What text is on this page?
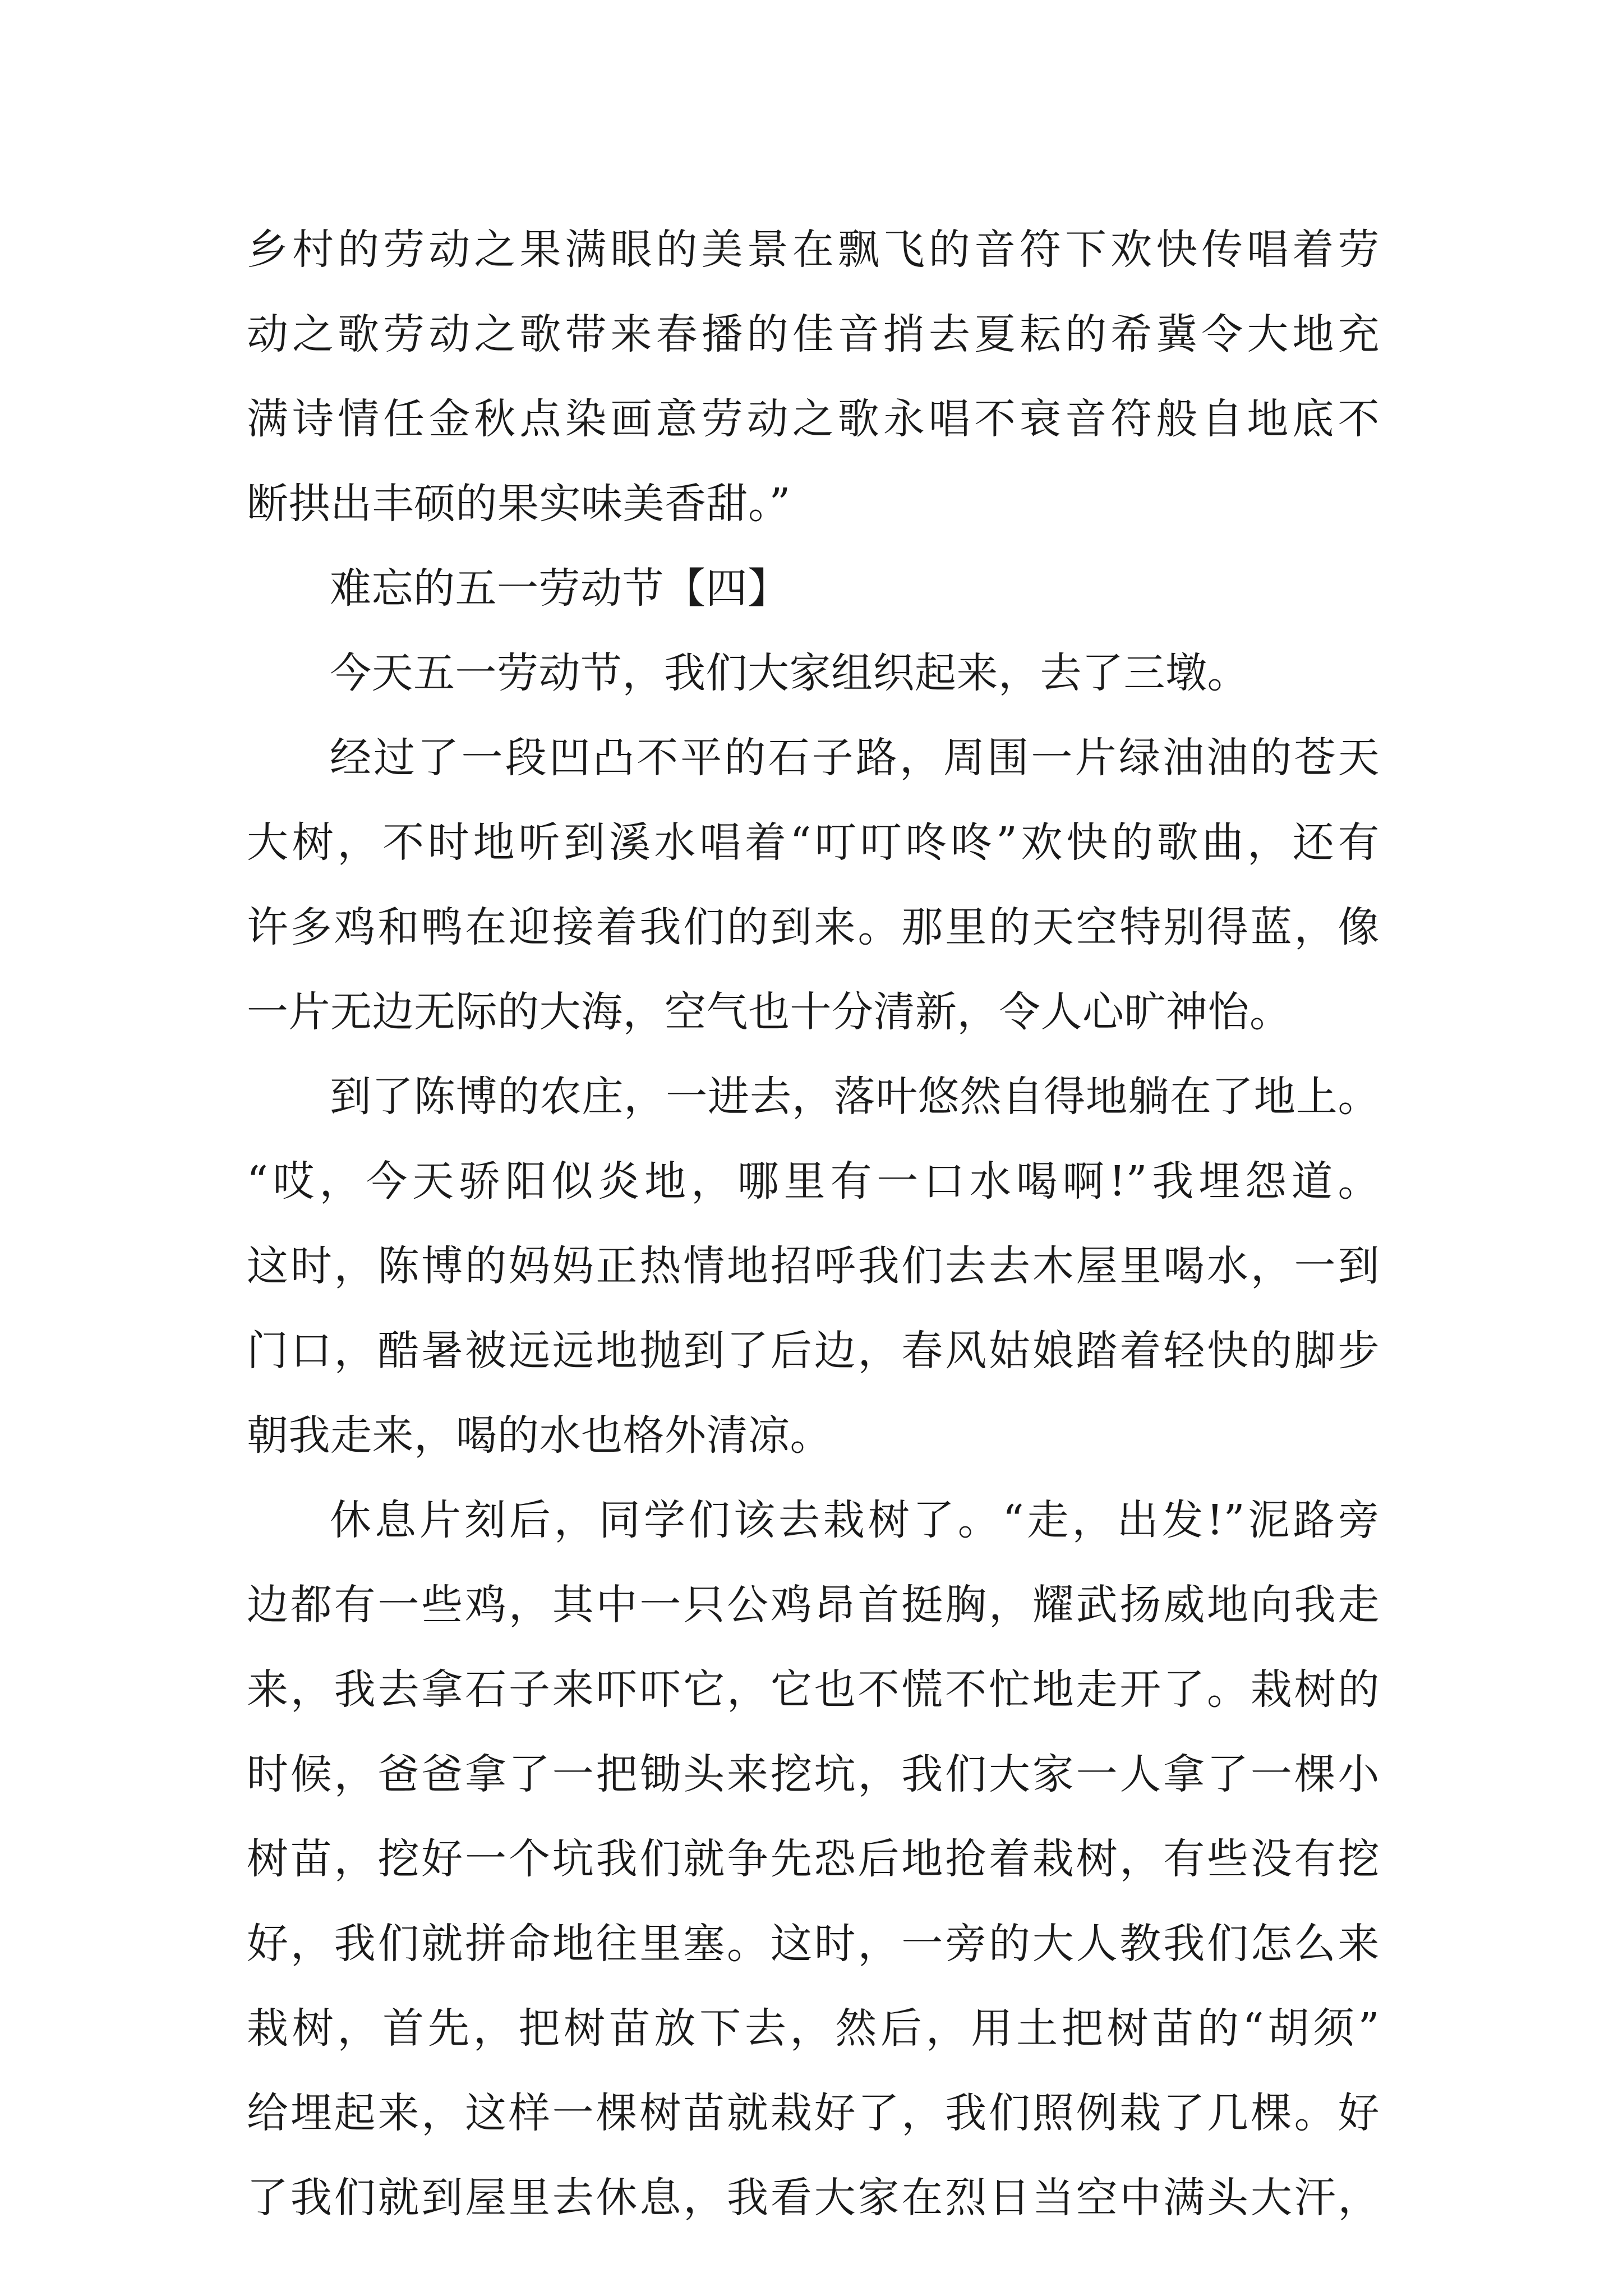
乡村的劳动之果满眼的美景在飘飞的音符下欢快传唱着劳
动之歌劳动之歌带来春播的佳音捎去夏耘的希冀令大地充
满诗情任金秋点染画意劳动之歌永唱不衰音符般自地底不
断拱出丰硕的果实味美香甜。”
难忘的五一劳动节【四】
今天五一劳动节，我们大家组织起来，去了三墩。
经过了一段凹凸不平的石子路，周围一片绿油油的苍天
大树，不时地听到溪水唱着“叮叮咚咚”欢快的歌曲，还有
许多鸡和鸭在迎接着我们的到来。那里的天空特别得蓝，像
一片无边无际的大海，空气也十分清新，令人心旷神怡。
到了陈博的农庄，一进去，落叶悠然自得地躺在了地上。
“哎，今天骄阳似炎地，哪里有一口水喝啊!”我埋怨道。
这时，陈博的妈妈正热情地招呼我们去去木屋里喝水，一到
门口，酷暑被远远地抛到了后边，春风姑娘踏着轻快的脚步
朝我走来，喝的水也格外清凉。
休息片刻后，同学们该去栽树了。“走，出发!”泥路旁
边都有一些鸡，其中一只公鸡昂首挺胸，耀武扬威地向我走
来，我去拿石子来吓吓它，它也不慌不忙地走开了。栽树的
时候，爸爸拿了一把锄头来挖坑，我们大家一人拿了一棵小
树苗，挖好一个坑我们就争先恐后地抢着栽树，有些没有挖
好，我们就拼命地往里塞。这时，一旁的大人教我们怎么来
栽树，首先，把树苗放下去，然后，用土把树苗的“胡须”
给埋起来，这样一棵树苗就栽好了，我们照例栽了几棵。好
了我们就到屋里去休息，我看大家在烈日当空中满头大汗，
